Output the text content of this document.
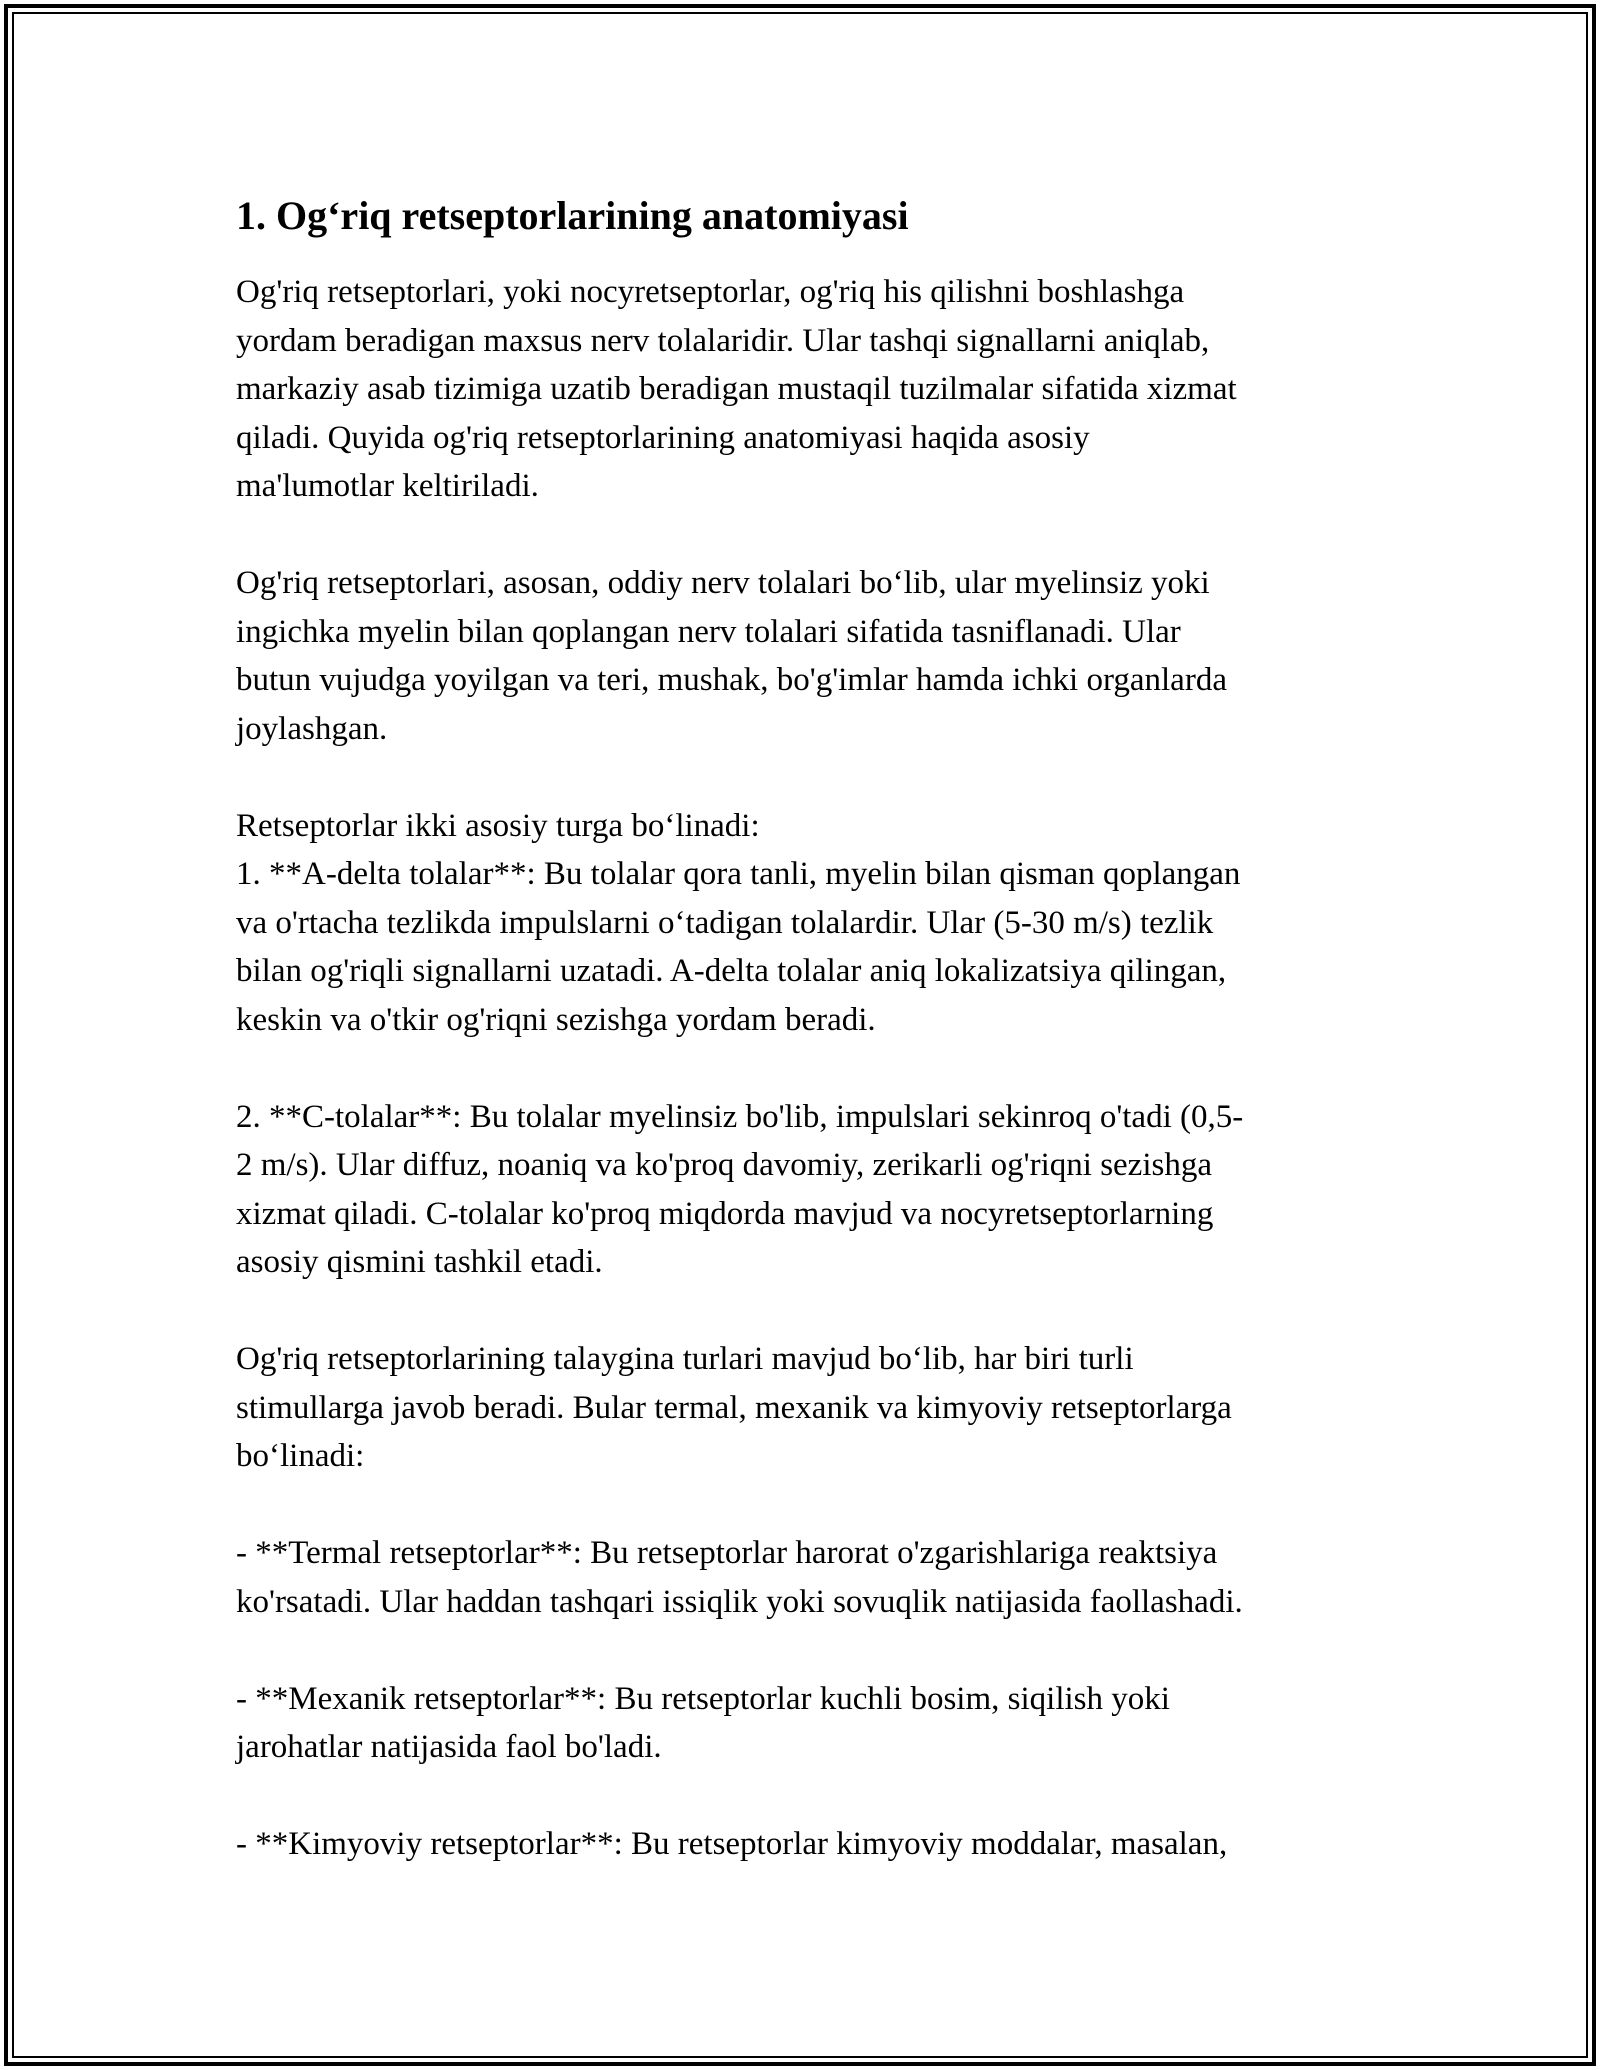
1. Og‘riq retseptorlarining anatomiyasi

Og'riq retseptorlari, yoki nocyretseptorlar, og'riq his qilishni boshlashga
yordam beradigan maxsus nerv tolalaridir. Ular tashqi signallarni aniqlab,
markaziy asab tizimiga uzatib beradigan mustaqil tuzilmalar sifatida xizmat
qiladi. Quyida og'riq retseptorlarining anatomiyasi haqida asosiy
ma'lumotlar keltiriladi.

Og'riq retseptorlari, asosan, oddiy nerv tolalari bo‘lib, ular myelinsiz yoki
ingichka myelin bilan qoplangan nerv tolalari sifatida tasniflanadi. Ular
butun vujudga yoyilgan va teri, mushak, bo'g'imlar hamda ichki organlarda
joylashgan.

Retseptorlar ikki asosiy turga bo‘linadi:
1. **A-delta tolalar**: Bu tolalar qora tanli, myelin bilan qisman qoplangan
va o'rtacha tezlikda impulslarni o‘tadigan tolalardir. Ular (5-30 m/s) tezlik
bilan og'riqli signallarni uzatadi. A-delta tolalar aniq lokalizatsiya qilingan,
keskin va o'tkir og'riqni sezishga yordam beradi.

2. **C-tolalar**: Bu tolalar myelinsiz bo'lib, impulslari sekinroq o'tadi (0,5-
2 m/s). Ular diffuz, noaniq va ko'proq davomiy, zerikarli og'riqni sezishga
xizmat qiladi. C-tolalar ko'proq miqdorda mavjud va nocyretseptorlarning
asosiy qismini tashkil etadi.

Og'riq retseptorlarining talaygina turlari mavjud bo‘lib, har biri turli
stimullarga javob beradi. Bular termal, mexanik va kimyoviy retseptorlarga
bo‘linadi:

- **Termal retseptorlar**: Bu retseptorlar harorat o'zgarishlariga reaktsiya
ko'rsatadi. Ular haddan tashqari issiqlik yoki sovuqlik natijasida faollashadi.

- **Mexanik retseptorlar**: Bu retseptorlar kuchli bosim, siqilish yoki
jarohatlar natijasida faol bo'ladi.

- **Kimyoviy retseptorlar**: Bu retseptorlar kimyoviy moddalar, masalan,
